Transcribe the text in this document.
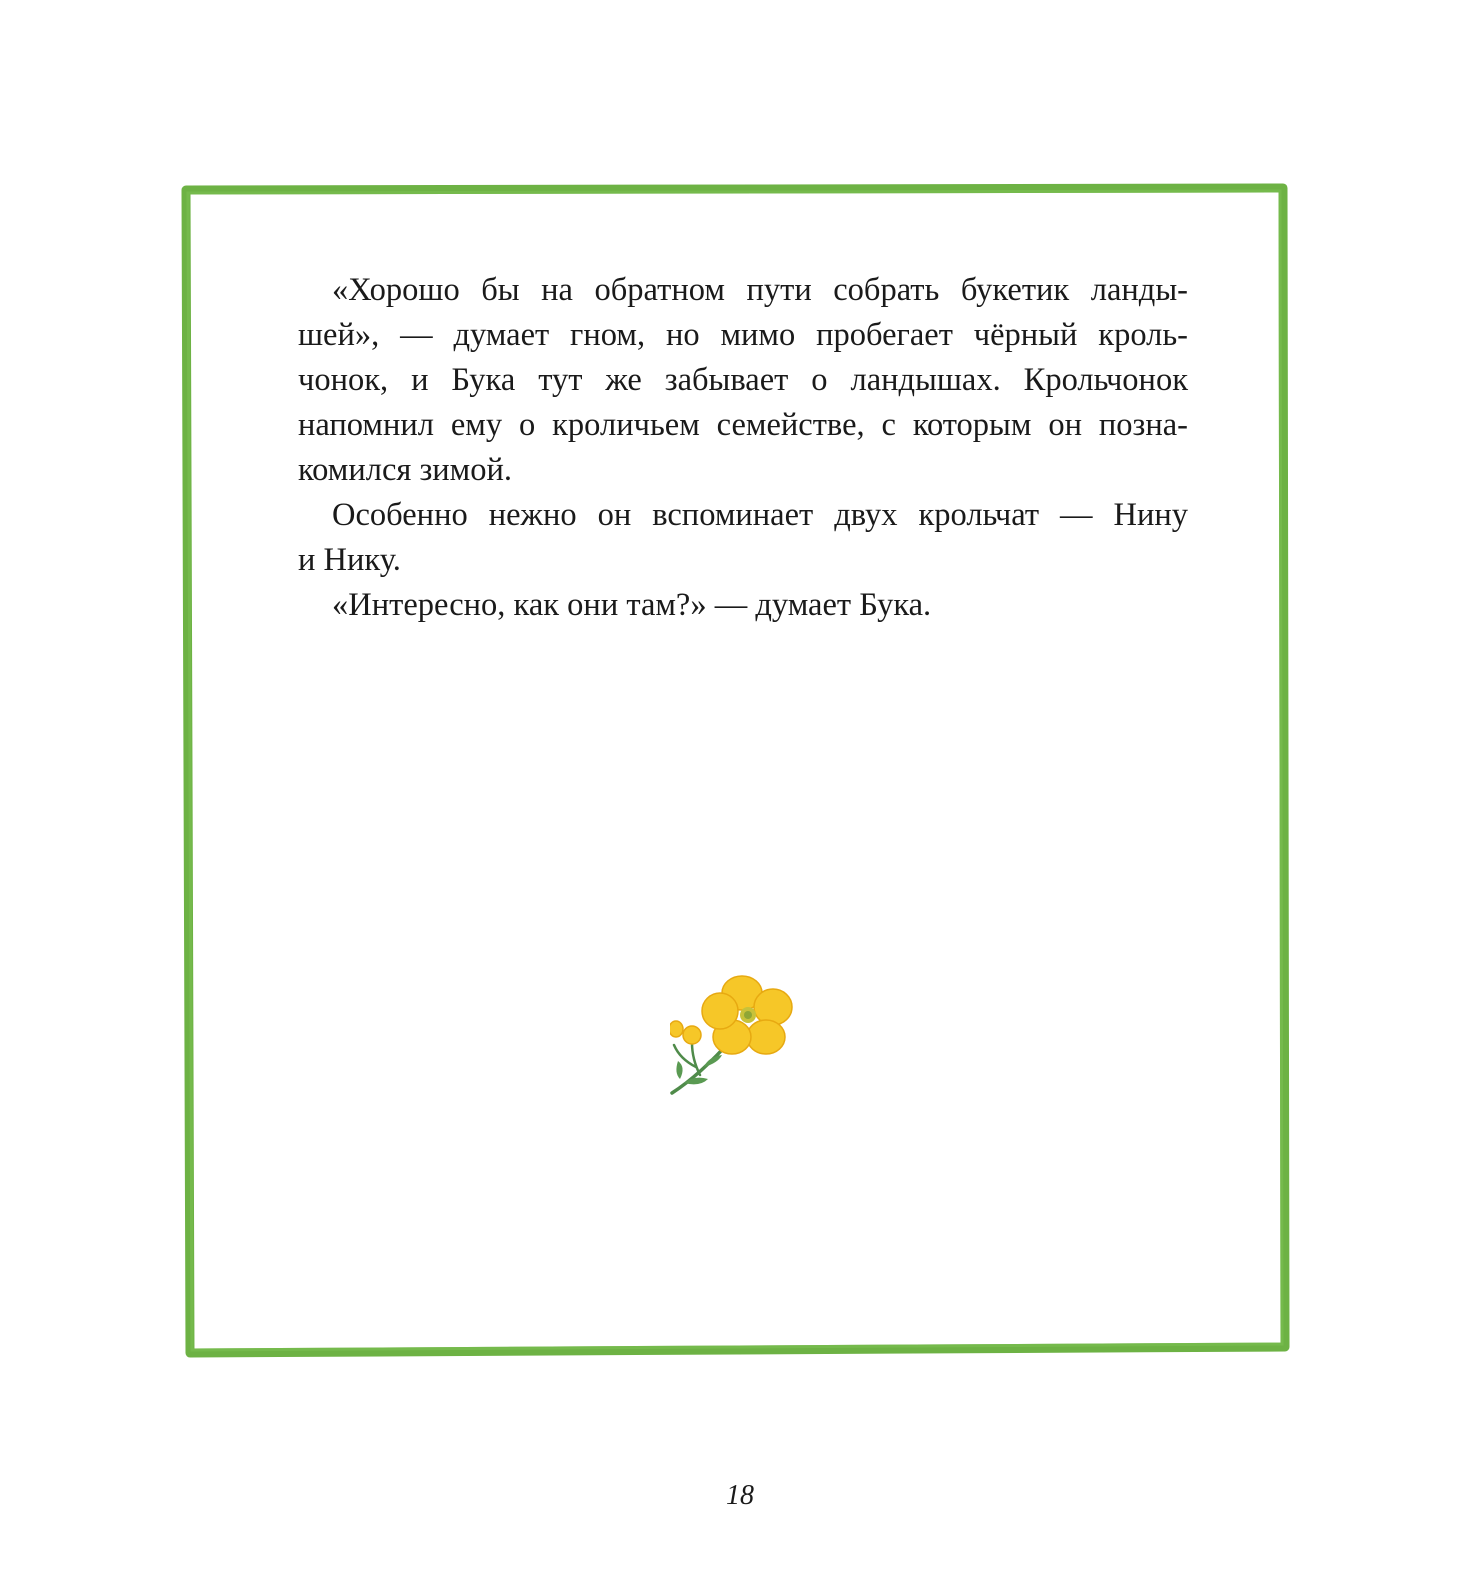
«Хорошо бы на обратном пути собрать букетик ланды-
шей», — думает гном, но мимо пробегает чёрный кроль-
чонок, и Бука тут же забывает о ландышах. Крольчонок
напомнил ему о кроличьем семействе, с которым он позна-
комился зимой.
Особенно нежно он вспоминает двух крольчат — Нину
и Нику.
«Интересно, как они там?» — думает Бука.
18
